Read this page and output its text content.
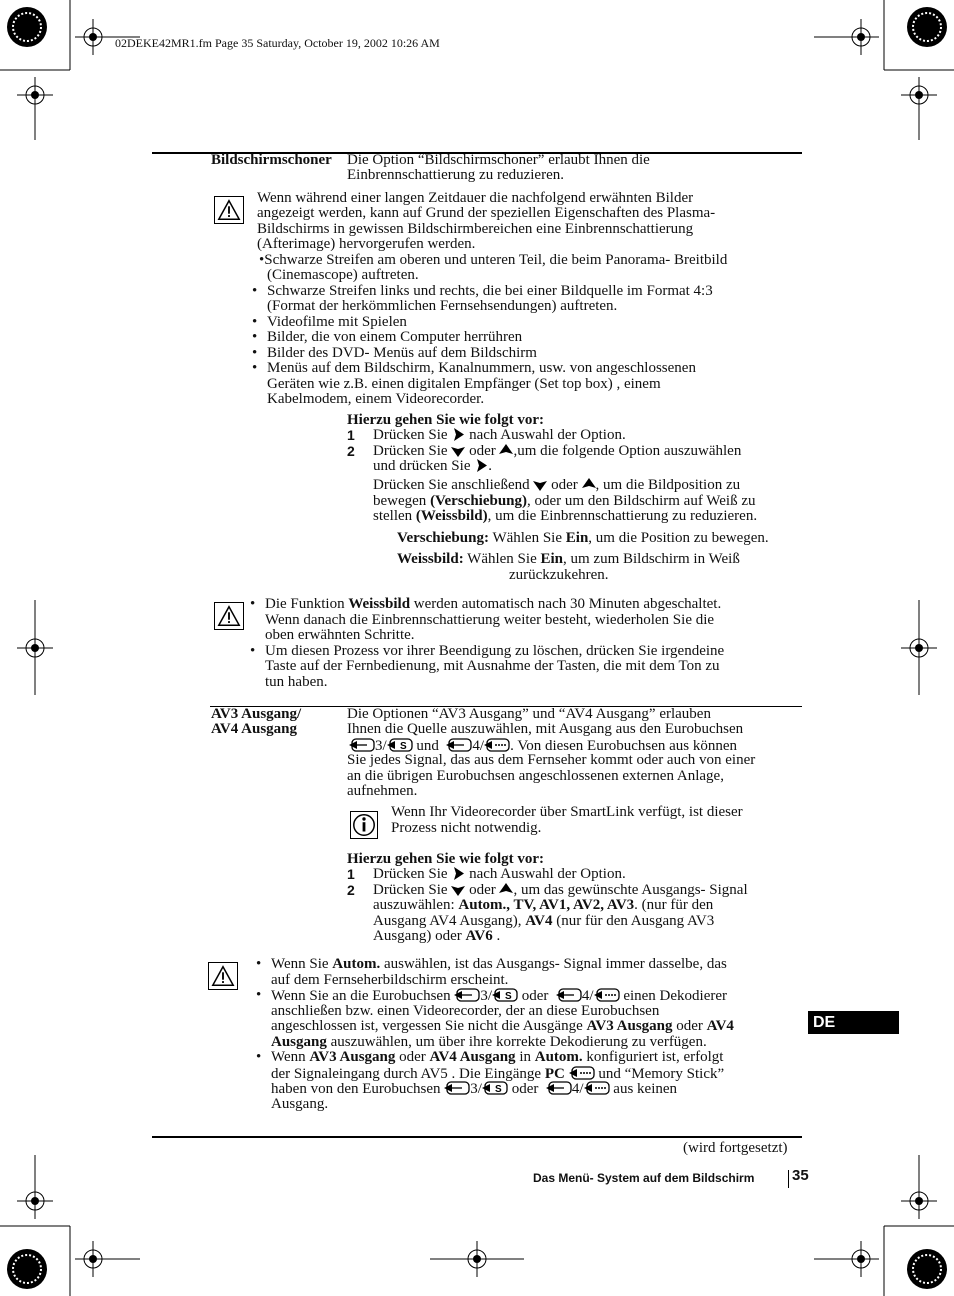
02DEKE42MR1.fm Page 35 Saturday, October 19, 2002 10:26 AM
Bildschirmschoner Die Option “Bildschirmschoner” erlaubt Ihnen die
Einbrennschattierung zu reduzieren.
Wenn während einer langen Zeitdauer die nachfolgend erwähnten Bilder
angezeigt werden, kann auf Grund der speziellen Eigenschaften des Plasma-
Bildschirms in gewissen Bildschirmbereichen eine Einbrennschattierung
(Afterimage) hervorgerufen werden.
•Schwarze Streifen am oberen und unteren Teil, die beim Panorama- Breitbild
(Cinemascope) auftreten.
• Schwarze Streifen links und rechts, die bei einer Bildquelle im Format 4:3
(Format der herkömmlichen Fernsehsendungen) auftreten.
• Videofilme mit Spielen
• Bilder, die von einem Computer herrühren
• Bilder des DVD- Menüs auf dem Bildschirm
• Menüs auf dem Bildschirm, Kanalnummern, usw. von angeschlossenen
Geräten wie z.B. einen digitalen Empfänger (Set top box) , einem
Kabelmodem, einem Videorecorder.
Hierzu gehen Sie wie folgt vor:
1 Drücken Sie nach Auswahl der Option.
2 Drücken Sie oder ,um die folgende Option auszuwählen
und drücken Sie .
Drücken Sie anschließend oder , um die Bildposition zu
bewegen (Verschiebung), oder um den Bildschirm auf Weiß zu
stellen (Weissbild), um die Einbrennschattierung zu reduzieren.
Verschiebung: Wählen Sie Ein, um die Position zu bewegen.
Weissbild: Wählen Sie Ein, um zum Bildschirm in Weiß
zurückzukehren.
• Die Funktion Weissbild werden automatisch nach 30 Minuten abgeschaltet.
Wenn danach die Einbrennschattierung weiter besteht, wiederholen Sie die
oben erwähnten Schritte.
• Um diesen Prozess vor ihrer Beendigung zu löschen, drücken Sie irgendeine
Taste auf der Fernbedienung, mit Ausnahme der Tasten, die mit dem Ton zu
tun haben.
AV3 Ausgang/
AV4 Ausgang
Die Optionen “AV3 Ausgang” und “AV4 Ausgang” erlauben
Ihnen die Quelle auszuwählen, mit Ausgang aus den Eurobuchsen
3/ S und  4/ . Von diesen Eurobuchsen aus können
Sie jedes Signal, das aus dem Fernseher kommt oder auch von einer
an die übrigen Eurobuchsen angeschlossenen externen Anlage,
aufnehmen.
Wenn Ihr Videorecorder über SmartLink verfügt, ist dieser
Prozess nicht notwendig.
Hierzu gehen Sie wie folgt vor:
1 Drücken Sie nach Auswahl der Option.
2 Drücken Sie oder , um das gewünschte Ausgangs- Signal
auszuwählen: Autom., TV, AV1, AV2, AV3. (nur für den
Ausgang AV4 Ausgang), AV4 (nur für den Ausgang AV3
Ausgang) oder AV6 .
• Wenn Sie Autom. auswählen, ist das Ausgangs- Signal immer dasselbe, das
auf dem Fernseherbildschirm erscheint.
• Wenn Sie an die Eurobuchsen 3/ S oder  4/ einen Dekodierer
anschließen bzw. einen Videorecorder, der an diese Eurobuchsen
angeschlossen ist, vergessen Sie nicht die Ausgänge AV3 Ausgang oder AV4
Ausgang auszuwählen, um über ihre korrekte Dekodierung zu verfügen.
• Wenn AV3 Ausgang oder AV4 Ausgang in Autom. konfiguriert ist, erfolgt
der Signaleingang durch AV5 . Die Eingänge PC  und “Memory Stick”
haben von den Eurobuchsen 3/ S oder  4/ aus keinen
Ausgang.
DE
(wird fortgesetzt)
Das Menü- System auf dem Bildschirm	35
